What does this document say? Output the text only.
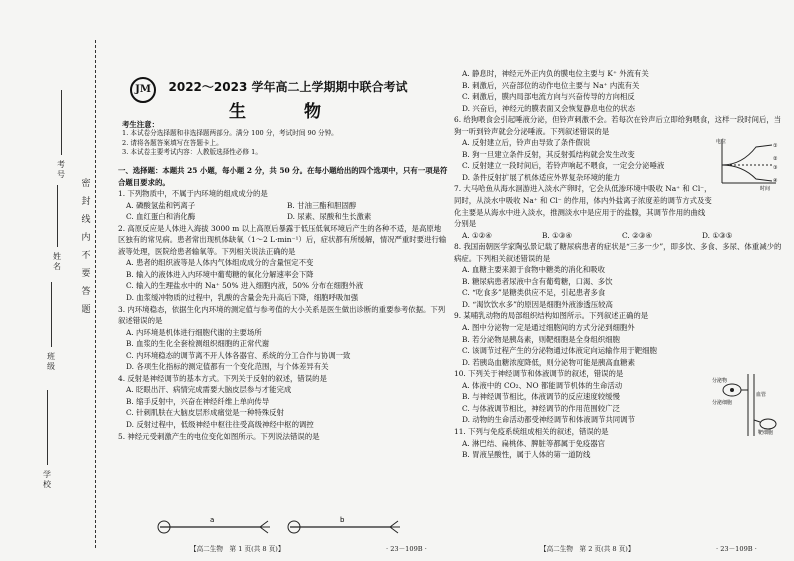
密 封 线 内 不 要 答 题
考号
姓名
班级
学校
JM	2022～2023 学年高二上学期期中联合考试
生 物
考生注意：
1. 本试卷分选择题和非选择题两部分。满分 100 分，考试时间 90 分钟。
2. 请将各题答案填写在答题卡上。
3. 本试卷主要考试内容：人教版选择性必修 1。
一、选择题：本题共 25 小题，每小题 2 分，共 50 分。在每小题给出的四个选项中，只有一项是符合题目要求的。
1. 下列物质中，不属于内环境的组成成分的是
A. 磷酸氢盐和钙离子	B. 甘油三酯和胆固醇
C. 血红蛋白和消化酶	D. 尿素、尿酸和生长激素
2. 高原反应是人体进入海拔 3000 m 以上高原后暴露于低压低氧环境后产生的各种不适，是高原地区独有的常见病。患者常出现机体缺氧（1～2 L·min⁻¹）后，症状都有所缓解，情况严重时要进行输液等处理，医院给患者输氧等。下列相关说法正确的是
A. 患者的组织液等是人体内气体组成成分的含量恒定不变
B. 输入的液体进入内环境中葡萄糖的氧化分解速率会下降
C. 输入的生理盐水中的 Na⁺ 50% 进入细胞内液，50% 分布在细胞外液
D. 血浆缓冲物质的过程中，乳酸的含量会先升高后下降，细胞呼吸加强
3. 内环境稳态，依据生化内环境的测定值与参考值的大小关系是医生做出诊断的重要参考依据。下列叙述错误的是
A. 内环境是机体进行细胞代谢的主要场所
B. 血浆的生化全套检测组织细胞的正常代谢
C. 内环境稳态的调节离不开人体各器官、系统的分工合作与协调一致
D. 各项生化指标的测定值都有一个变化范围，与个体差异有关
4. 反射是神经调节的基本方式。下列关于反射的叙述，错误的是
A. 眨眼出汗、病情完成需要大脑皮层参与才能完成
B. 缩手反射中，兴奋在神经纤维上单向传导
C. 针刺肌肤在大脑皮层形成痛觉是一种特殊反射
D. 反射过程中，低级神经中枢往往受高级神经中枢的调控
5. 神经元受刺激产生的电位变化如图所示。下列说法错误的是
a	b
A. 静息时，神经元外正内负的膜电位主要与 K⁺ 外流有关
B. 刺激后，兴奋部位的动作电位主要与 Na⁺ 内流有关
C. 刺激后，膜内局部电流方向与兴奋传导的方向相反
D. 兴奋后，神经元的膜表面又会恢复静息电位的状态
6. 给狗喂食会引起唾液分泌，但铃声刺激不会。若每次在铃声后立即给狗喂食，这样一段时间后，当狗一听到铃声就会分泌唾液。下列叙述错误的是
A. 反射建立后，铃声由导致了条件假说
B. 狗一旦建立条件反射，其反射弧结构就会发生改变
C. 反射建立一段时间后，若铃声响起不喂食，一定会分泌唾液
D. 条件反射扩展了机体适应外界复杂环境的能力
7. 大马哈鱼从海水洄游进入淡水产卵时，它会从低渗环境中吸收 Na⁺ 和 Cl⁻，同时，从淡水中吸收 Na⁺ 和 Cl⁻ 的作用，体内外盐离子浓度差的调节方式及变化主要是从海水中进入淡水，推测淡水中是应用于的盐腺，其调节作用的曲线分别是
A. ①②④	B. ①③④	C. ②③④	D. ①③⑤
8. 我国南朝医学家陶弘景记载了糖尿病患者的症状是“三多一少”，即多饮、多食、多尿、体重减少的病症。下列相关叙述错误的是
A. 血糖主要来源于食物中糖类的消化和吸收
B. 糖尿病患者尿液中含有葡萄糖，口渴、多饮
C. “吃食多”是糖类供应不足，引起患者多食
D. “渴饮饮水多”的原因是细胞外液渗透压较高
9. 某哺乳动物的局部组织结构如图所示。下列叙述正确的是
A. 图中分泌物一定是通过细胞间的方式分泌到细胞外
B. 若分泌物是胰岛素，则靶细胞是全身组织细胞
C. 该调节过程产生的分泌物通过体液定向运输作用于靶细胞
D. 若胰岛血糖浓度降低，则分泌物可能是胰高血糖素
10. 下列关于神经调节和体液调节的叙述，错误的是
A. 体液中的 CO₂、NO 都能调节机体的生命活动
B. 与神经调节相比，体液调节的反应速度较缓慢
C. 与体液调节相比，神经调节的作用范围较广泛
D. 动物的生命活动都受神经调节和体液调节共同调节
11. 下列与免疫系统组成相关的叙述，错误的是
A. 淋巴结、扁桃体、脾脏等都属于免疫器官
B. 胃液呈酸性，属于人体的第一道防线
电位
时间
①
②
③
④
分泌物
靶细胞
血管
分泌细胞
【高二生物　第 1 页(共 8 页)】	· 23－109B ·	【高二生物　第 2 页(共 8 页)】	· 23－109B ·
